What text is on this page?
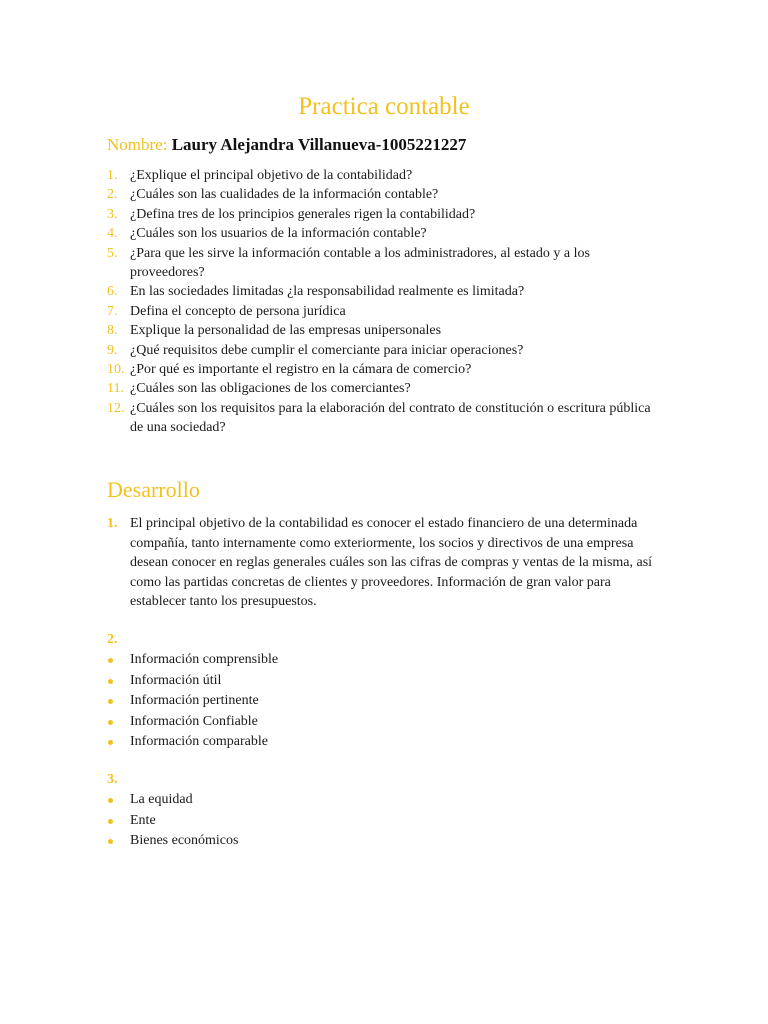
Practica contable
Nombre: Laury Alejandra Villanueva-1005221227
1. ¿Explique el principal objetivo de la contabilidad?
2. ¿Cuáles son las cualidades de la información contable?
3. ¿Defina tres de los principios generales rigen la contabilidad?
4. ¿Cuáles son los usuarios de la información contable?
5. ¿Para que les sirve la información contable a los administradores, al estado y a los proveedores?
6. En las sociedades limitadas ¿la responsabilidad realmente es limitada?
7. Defina el concepto de persona jurídica
8. Explique la personalidad de las empresas unipersonales
9. ¿Qué requisitos debe cumplir el comerciante para iniciar operaciones?
10. ¿Por qué es importante el registro en la cámara de comercio?
11. ¿Cuáles son las obligaciones de los comerciantes?
12. ¿Cuáles son los requisitos para la elaboración del contrato de constitución o escritura pública de una sociedad?
Desarrollo
1. El principal objetivo de la contabilidad es conocer el estado financiero de una determinada compañía, tanto internamente como exteriormente, los socios y directivos de una empresa desean conocer en reglas generales cuáles son las cifras de compras y ventas de la misma, así como las partidas concretas de clientes y proveedores. Información de gran valor para establecer tanto los presupuestos.
2.
Información comprensible
Información útil
Información pertinente
Información Confiable
Información comparable
3.
La equidad
Ente
Bienes económicos
